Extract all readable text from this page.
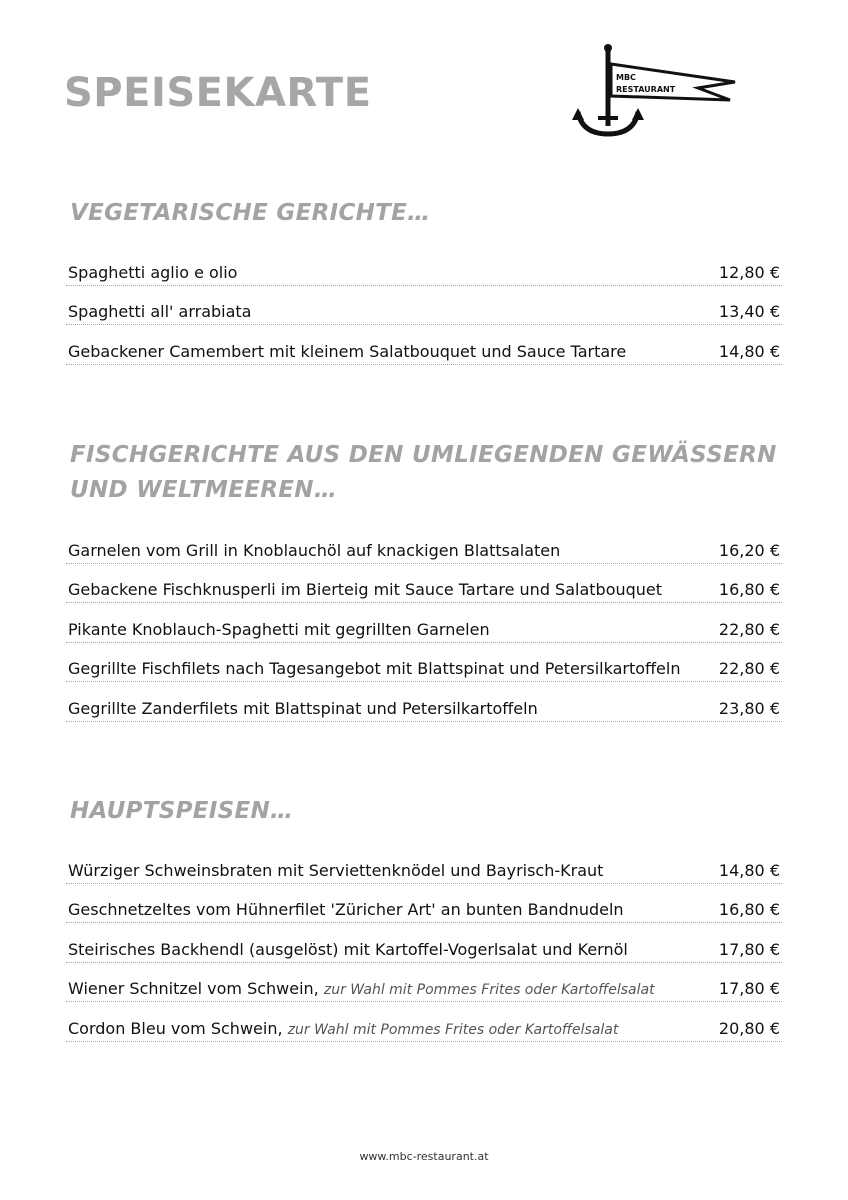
SPEISEKARTE	MBC
RESTAURANT
VEGETARISCHE GERICHTE…
Spaghetti aglio e olio	12,80 €
Spaghetti all' arrabiata	13,40 €
Gebackener Camembert mit kleinem Salatbouquet und Sauce Tartare	14,80 €
FISCHGERICHTE AUS DEN UMLIEGENDEN GEWÄSSERN
UND WELTMEEREN…
Garnelen vom Grill in Knoblauchöl auf knackigen Blattsalaten	16,20 €
Gebackene Fischknusperli im Bierteig mit Sauce Tartare und Salatbouquet	16,80 €
Pikante Knoblauch-Spaghetti mit gegrillten Garnelen	22,80 €
Gegrillte Fischfilets nach Tagesangebot mit Blattspinat und Petersilkartoffeln	22,80 €
Gegrillte Zanderfilets mit Blattspinat und Petersilkartoffeln	23,80 €
HAUPTSPEISEN…
Würziger Schweinsbraten mit Serviettenknödel und Bayrisch-Kraut	14,80 €
Geschnetzeltes vom Hühnerfilet 'Züricher Art' an bunten Bandnudeln	16,80 €
Steirisches Backhendl (ausgelöst) mit Kartoffel-Vogerlsalat und Kernöl	17,80 €
Wiener Schnitzel vom Schwein, zur Wahl mit Pommes Frites oder Kartoffelsalat	17,80 €
Cordon Bleu vom Schwein, zur Wahl mit Pommes Frites oder Kartoffelsalat	20,80 €
www.mbc-restaurant.at
